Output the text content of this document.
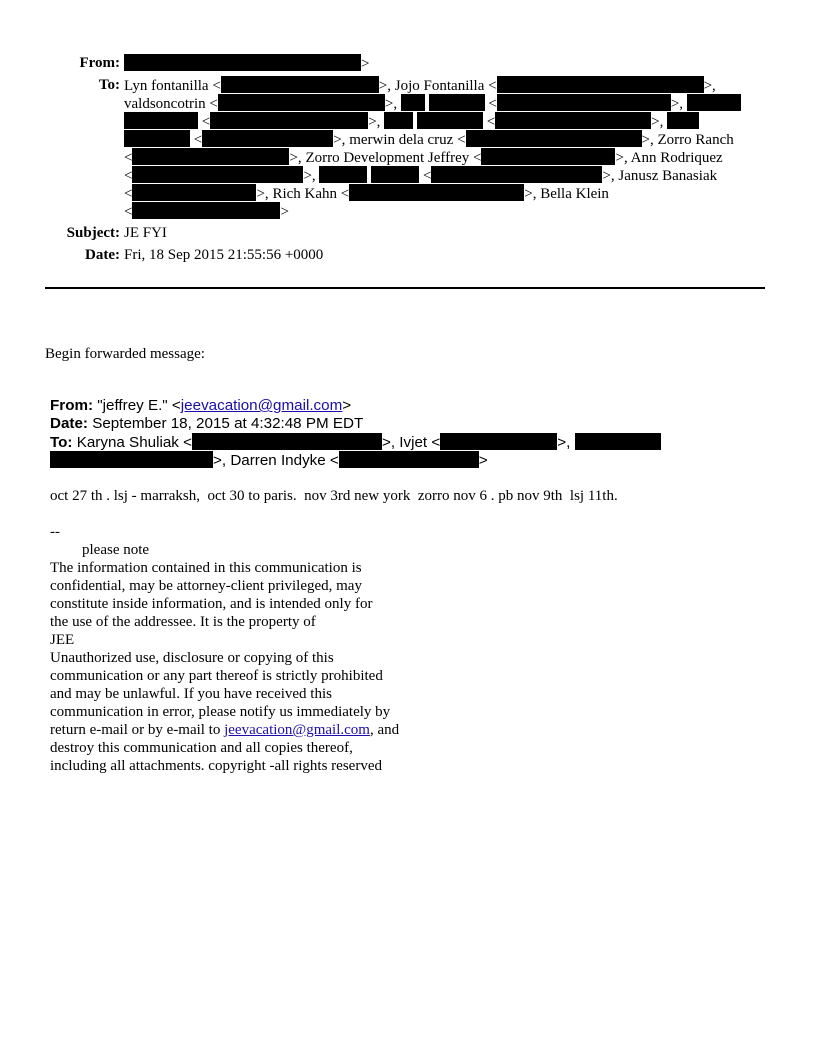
From:	>
To: Lyn fontanilla <	>, Jojo Fontanilla <	>,
valdsoncotrin <	>,	<	>,
<	>,	<	>,
<	>, merwin dela cruz <	>, Zorro Ranch
<	>, Zorro Development Jeffrey <	>, Ann Rodriquez
<	>,	<	>, Janusz Banasiak
<	>, Rich Kahn <	>, Bella Klein
<	>
Subject: JE FYI
Date: Fri, 18 Sep 2015 21:55:56 +0000
Begin forwarded message:
From: "jeffrey E." <jeevacation@gmail.com>
Date: September 18, 2015 at 4:32:48 PM EDT
To: Karyna Shuliak <	>, Ivjet <	>,
>, Darren Indyke <	>
oct 27 th . lsj - marraksh,  oct 30 to paris.  nov 3rd new york  zorro nov 6 . pb nov 9th  lsj 11th.
--
please note
The information contained in this communication is
confidential, may be attorney-client privileged, may
constitute inside information, and is intended only for
the use of the addressee. It is the property of
JEE
Unauthorized use, disclosure or copying of this
communication or any part thereof is strictly prohibited
and may be unlawful. If you have received this
communication in error, please notify us immediately by
return e-mail or by e-mail to jeevacation@gmail.com, and
destroy this communication and all copies thereof,
including all attachments. copyright -all rights reserved
